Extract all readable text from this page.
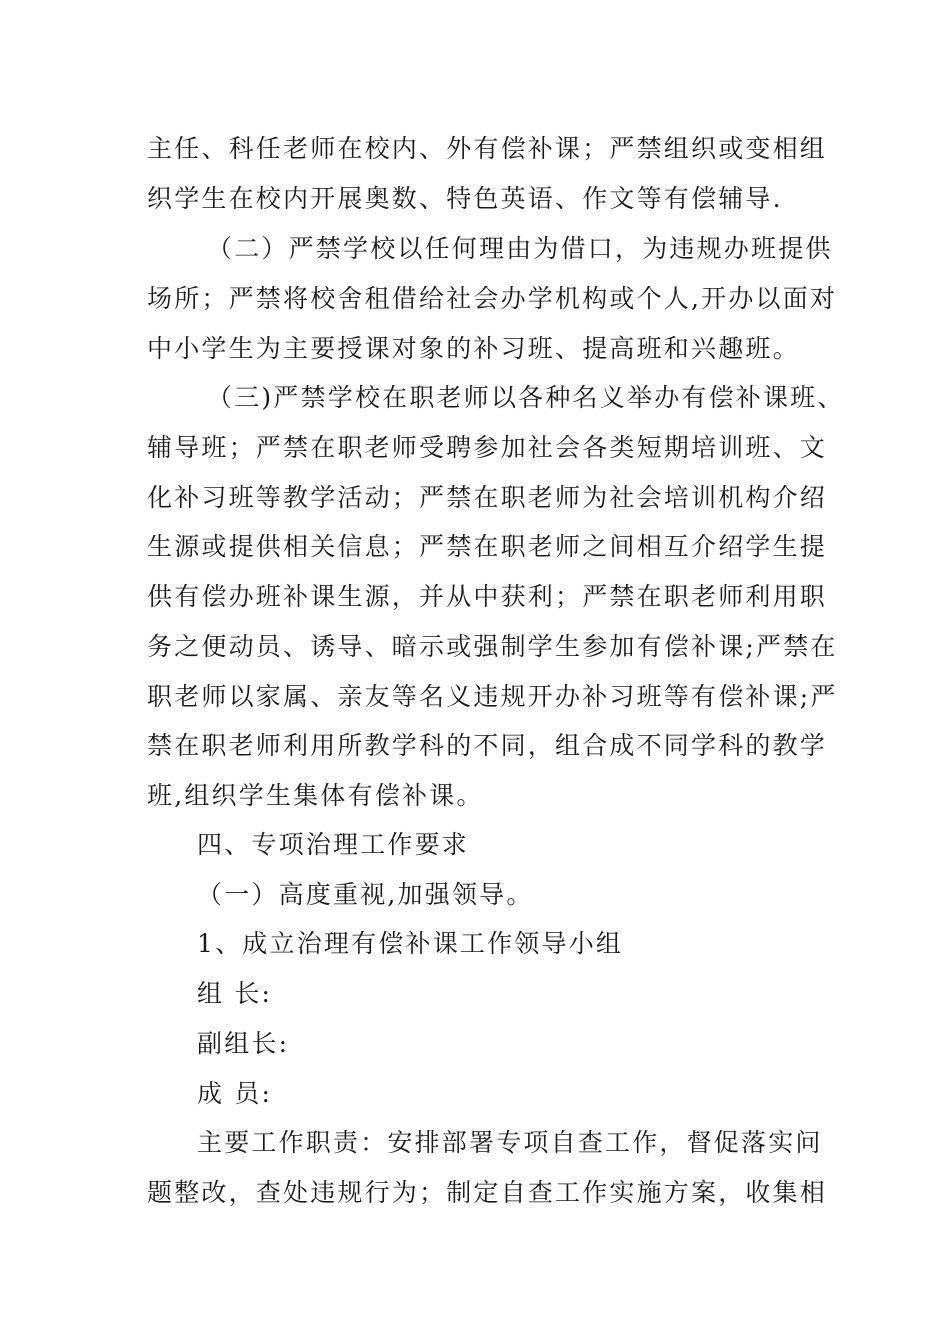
主任、科任老师在校内、外有偿补课；严禁组织或变相组
织学生在校内开展奥数、特色英语、作文等有偿辅导.
（二）严禁学校以任何理由为借口，为违规办班提供
场所；严禁将校舍租借给社会办学机构或个人,开办以面对
中小学生为主要授课对象的补习班、提高班和兴趣班。
（三)严禁学校在职老师以各种名义举办有偿补课班、
辅导班；严禁在职老师受聘参加社会各类短期培训班、文
化补习班等教学活动；严禁在职老师为社会培训机构介绍
生源或提供相关信息；严禁在职老师之间相互介绍学生提
供有偿办班补课生源，并从中获利；严禁在职老师利用职
务之便动员、诱导、暗示或强制学生参加有偿补课;严禁在
职老师以家属、亲友等名义违规开办补习班等有偿补课;严
禁在职老师利用所教学科的不同，组合成不同学科的教学
班,组织学生集体有偿补课。
四、专项治理工作要求
（一）高度重视,加强领导。
1、成立治理有偿补课工作领导小组
组 长:
副组长:
成 员:
主要工作职责：安排部署专项自查工作，督促落实问
题整改，查处违规行为；制定自查工作实施方案，收集相
